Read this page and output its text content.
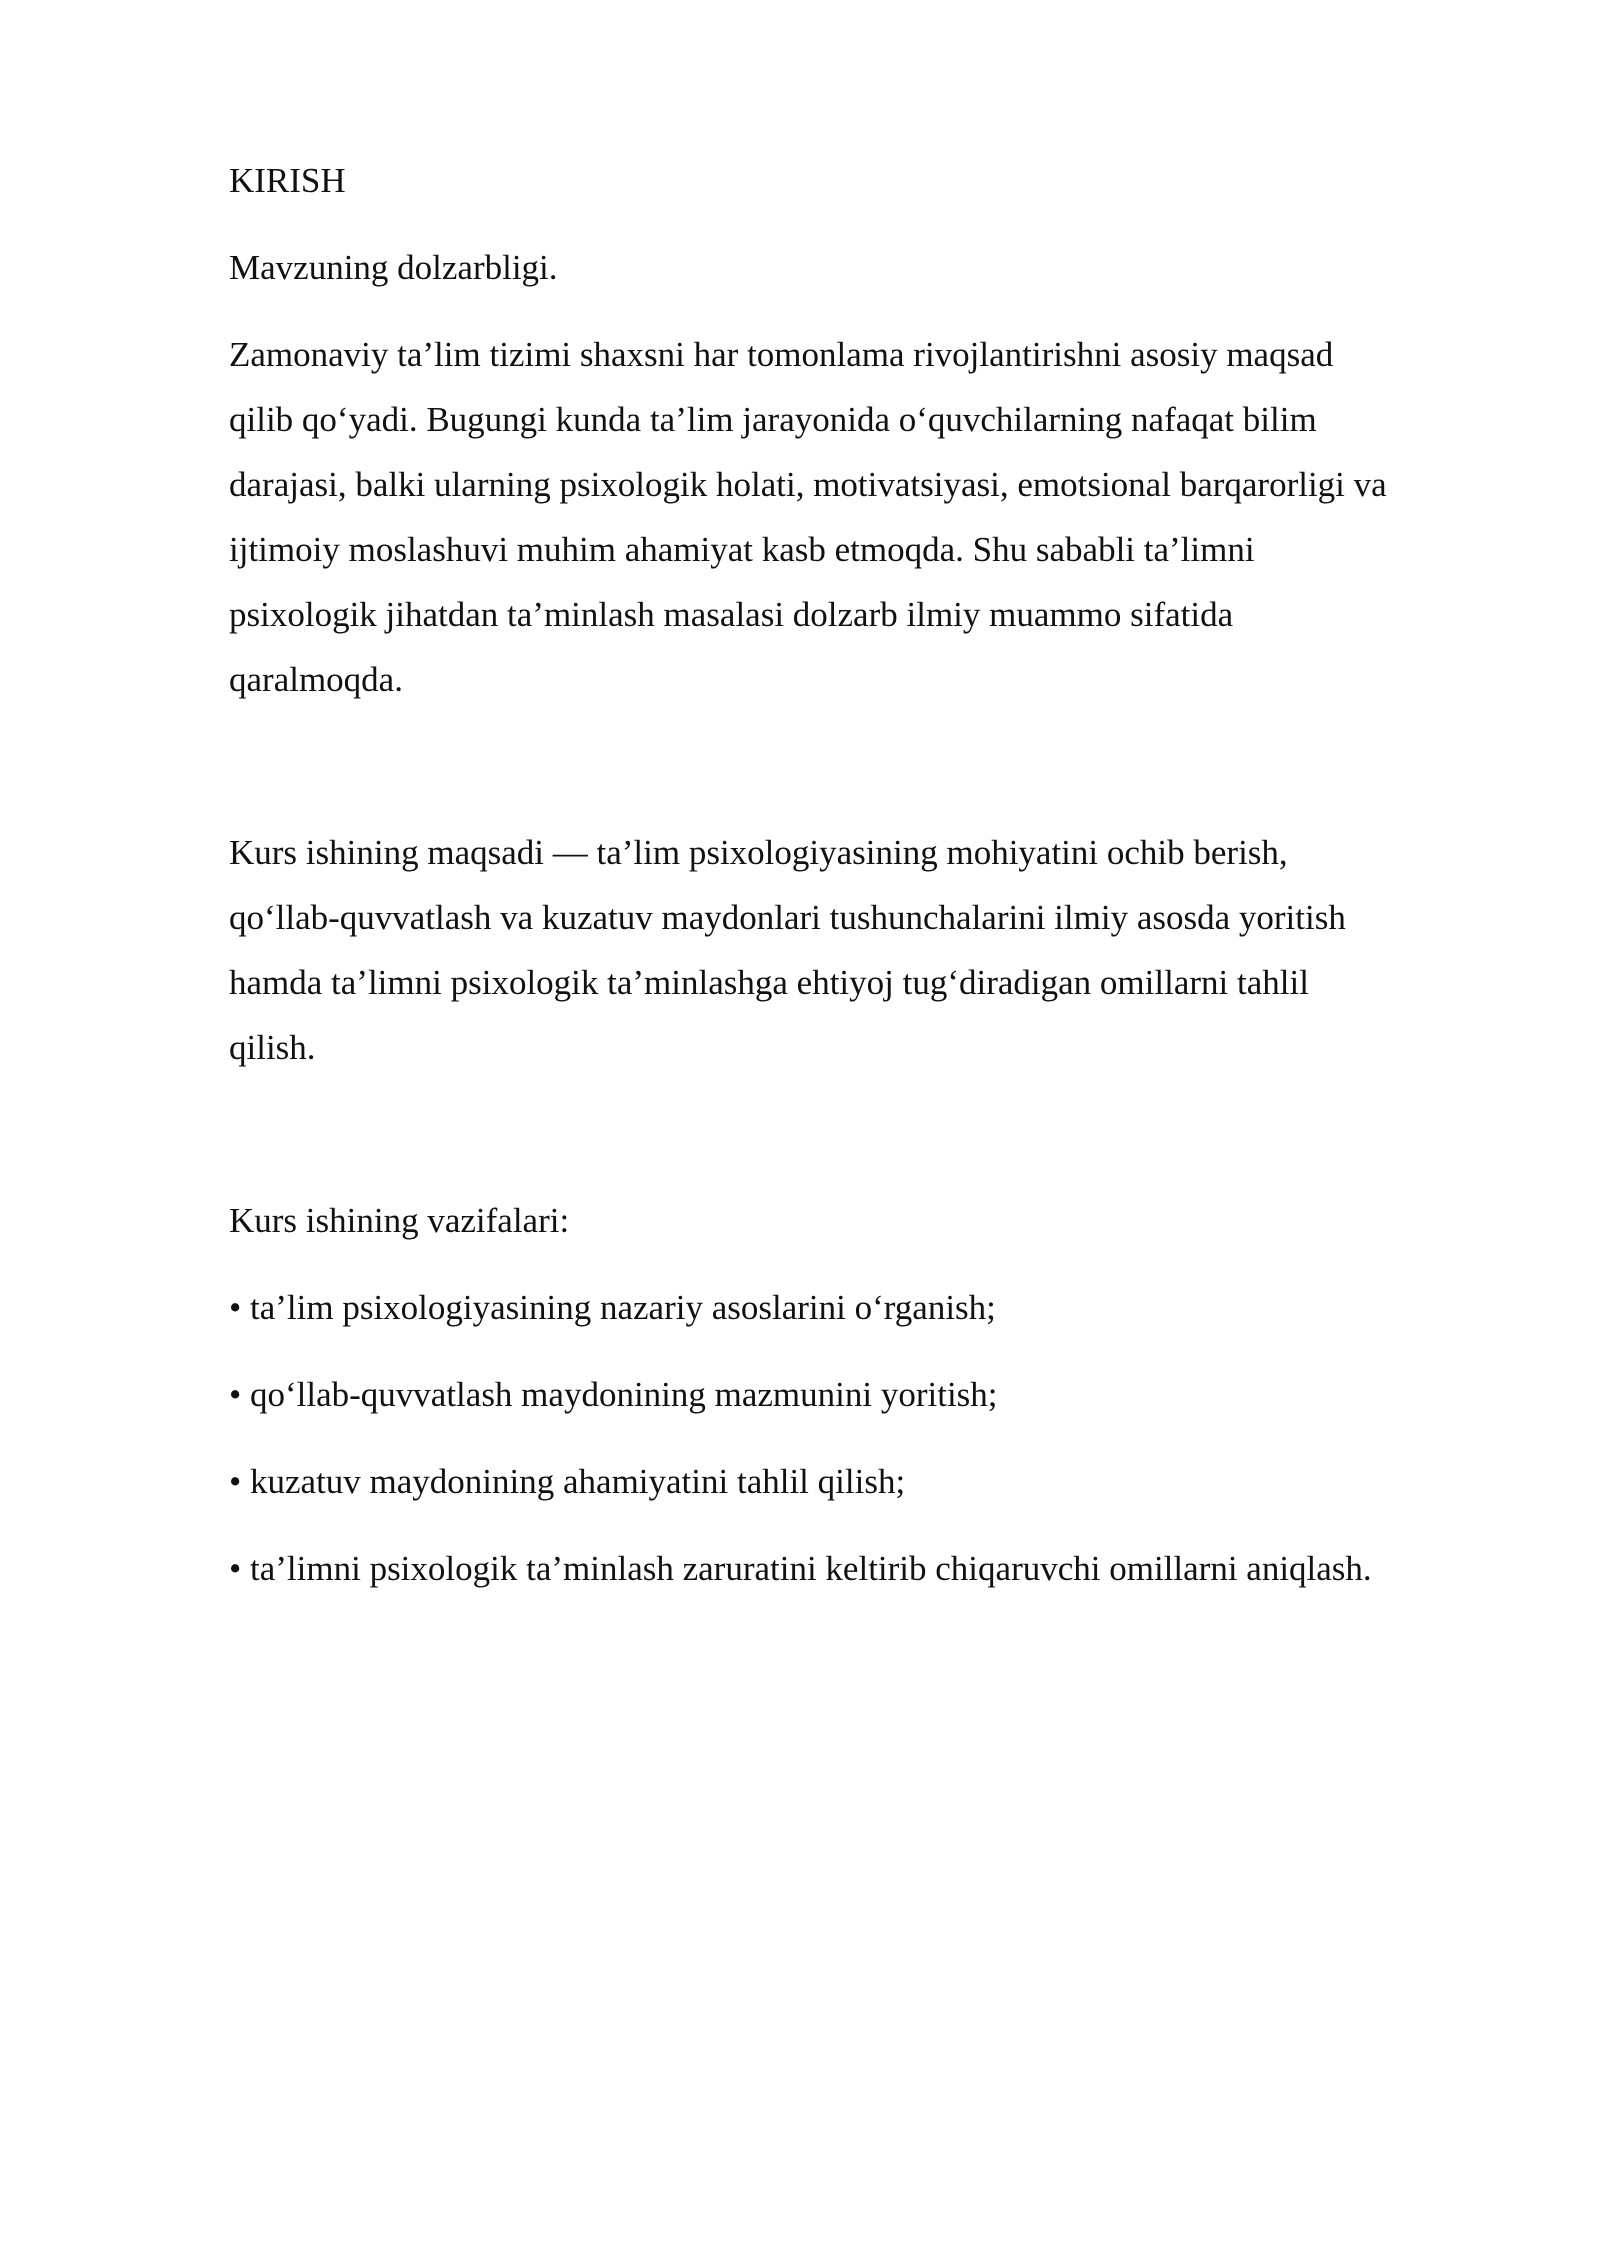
KIRISH
Mavzuning dolzarbligi.
Zamonaviy ta’lim tizimi shaxsni har tomonlama rivojlantirishni asosiy maqsad
qilib qo‘yadi. Bugungi kunda ta’lim jarayonida o‘quvchilarning nafaqat bilim
darajasi, balki ularning psixologik holati, motivatsiyasi, emotsional barqarorligi va
ijtimoiy moslashuvi muhim ahamiyat kasb etmoqda. Shu sababli ta’limni
psixologik jihatdan ta’minlash masalasi dolzarb ilmiy muammo sifatida
qaralmoqda.
Kurs ishining maqsadi — ta’lim psixologiyasining mohiyatini ochib berish,
qo‘llab-quvvatlash va kuzatuv maydonlari tushunchalarini ilmiy asosda yoritish
hamda ta’limni psixologik ta’minlashga ehtiyoj tug‘diradigan omillarni tahlil
qilish.
Kurs ishining vazifalari:
• ta’lim psixologiyasining nazariy asoslarini o‘rganish;
• qo‘llab-quvvatlash maydonining mazmunini yoritish;
• kuzatuv maydonining ahamiyatini tahlil qilish;
• ta’limni psixologik ta’minlash zaruratini keltirib chiqaruvchi omillarni aniqlash.
